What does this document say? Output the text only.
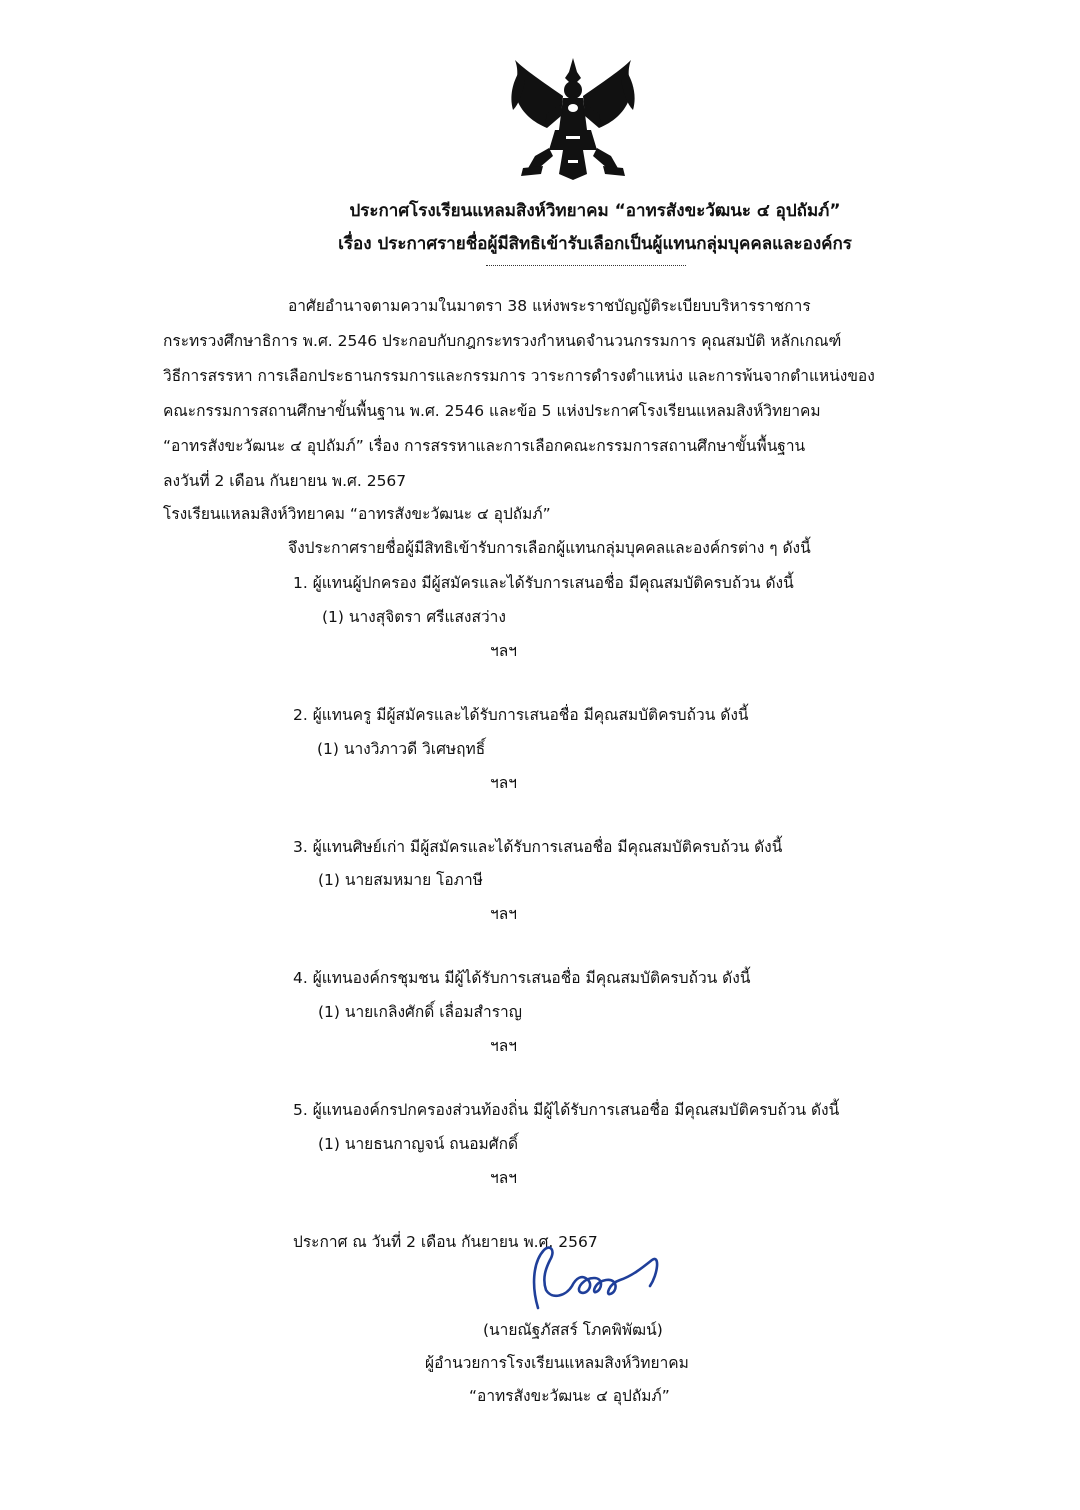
ประกาศโรงเรียนแหลมสิงห์วิทยาคม “อาทรสังขะวัฒนะ ๔ อุปถัมภ์”
เรื่อง ประกาศรายชื่อผู้มีสิทธิเข้ารับเลือกเป็นผู้แทนกลุ่มบุคคลและองค์กร
อาศัยอำนาจตามความในมาตรา 38 แห่งพระราชบัญญัติระเบียบบริหารราชการ
กระทรวงศึกษาธิการ พ.ศ. 2546 ประกอบกับกฎกระทรวงกำหนดจำนวนกรรมการ คุณสมบัติ หลักเกณฑ์
วิธีการสรรหา การเลือกประธานกรรมการและกรรมการ วาระการดำรงตำแหน่ง และการพ้นจากตำแหน่งของ
คณะกรรมการสถานศึกษาขั้นพื้นฐาน พ.ศ. 2546 และข้อ 5 แห่งประกาศโรงเรียนแหลมสิงห์วิทยาคม
“อาทรสังขะวัฒนะ ๔ อุปถัมภ์” เรื่อง การสรรหาและการเลือกคณะกรรมการสถานศึกษาขั้นพื้นฐาน
ลงวันที่ 2 เดือน กันยายน พ.ศ. 2567
โรงเรียนแหลมสิงห์วิทยาคม “อาทรสังขะวัฒนะ ๔ อุปถัมภ์”
จึงประกาศรายชื่อผู้มีสิทธิเข้ารับการเลือกผู้แทนกลุ่มบุคคลและองค์กรต่าง ๆ ดังนี้
1. ผู้แทนผู้ปกครอง มีผู้สมัครและได้รับการเสนอชื่อ มีคุณสมบัติครบถ้วน ดังนี้
(1) นางสุจิตรา ศรีแสงสว่าง
ฯลฯ
2. ผู้แทนครู มีผู้สมัครและได้รับการเสนอชื่อ มีคุณสมบัติครบถ้วน ดังนี้
(1) นางวิภาวดี วิเศษฤทธิ์
ฯลฯ
3. ผู้แทนศิษย์เก่า มีผู้สมัครและได้รับการเสนอชื่อ มีคุณสมบัติครบถ้วน ดังนี้
(1) นายสมหมาย โอภาษี
ฯลฯ
4. ผู้แทนองค์กรชุมชน มีผู้ได้รับการเสนอชื่อ มีคุณสมบัติครบถ้วน ดังนี้
(1) นายเกลิงศักดิ์ เลื่อมสำราญ
ฯลฯ
5. ผู้แทนองค์กรปกครองส่วนท้องถิ่น มีผู้ได้รับการเสนอชื่อ มีคุณสมบัติครบถ้วน ดังนี้
(1) นายธนกาญจน์ ถนอมศักดิ์
ฯลฯ
ประกาศ ณ วันที่ 2 เดือน กันยายน พ.ศ. 2567
(นายณัฐภัสสร์ โภคพิพัฒน์)
ผู้อำนวยการโรงเรียนแหลมสิงห์วิทยาคม
“อาทรสังขะวัฒนะ ๔ อุปถัมภ์”
